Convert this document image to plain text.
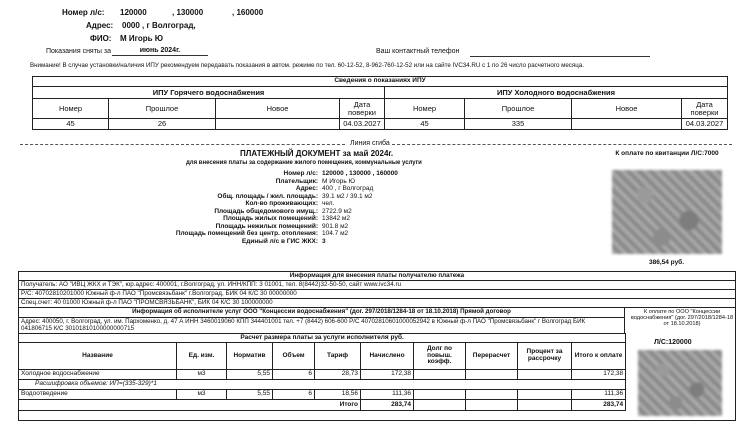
Номер л/с: 120000	, 130000	, 160000
Адрес: 0000 , г Волгоград,
ФИО: М Игорь Ю
Показания сняты за	июнь 2024г.	Ваш контактный телефон
Внимание! В случае установки/наличия ИПУ рекомендуем передавать показания в автом. режиме по тел. 60-12-52, 8-962-760-12-52 или на сайте IVC34.RU с 1 по 26 число расчетного месяца.
Сведения о показаниях ИПУ							
ИПУ Горячего водоснабжения				ИПУ Холодного водоснабжения			
Номер	Прошлое	Новое	Дата поверки	Номер	Прошлое	Новое	Дата поверки
45	26		04.03.2027	45	335		04.03.2027
Линия сгиба
ПЛАТЕЖНЫЙ ДОКУМЕНТ за май 2024г.
для внесения платы за содержание жилого помещения, коммунальные услуги
Номер л/с: 120000 , 130000 , 160000
Плательщик: М Игорь Ю
Адрес: 400 , г Волгоград
Общ. площадь / жил. площадь: 39.1 м2 / 39.1 м2
Кол-во проживающих: чел.
Площадь общедомового имущ.: 2722.9 м2
Площадь жилых помещений: 13842 м2
Площадь нежилых помещений: 901.8 м2
Площадь помещений без центр. отопления: 104.7 м2
Единый л/с в ГИС ЖКХ: 3
К оплате по квитанции Л/С:7000
386,54 руб.
Информация для внесения платы получателю платежа
Получатель: АО "ИВЦ ЖКХ и ТЭК", юр.адрес: 400001, г.Волгоград, ул. ИНН/КПП: 3 01001, тел. 8(8442)32-50-50, сайт www.ivc34.ru
Р/С: 40702810201000 Южный ф-л ПАО "Промсвязьбанк" г.Волгоград, БИК 04 К/С 30 00000000
Спец.счет: 40 01000 Южный ф-л ПАО "ПРОМСВЯЗЬБАНК", БИК 04 К/С 30 100000000
Информация об исполнителе услуг ООО "Концессии водоснабжения" (дог. 297/2018/1284-18 от 18.10.2018) Прямой договор
Адрес: 400050, г. Волгоград, ул. им. Пархоменко, д. 47 А ИНН 3460019060 КПП 344401001 тел. +7 (8442) 606-600 Р/С 40702810601000052942 в Южный ф-л ПАО "Промсвязьбанк" г Волгоград БИК
041806715 К/С 30101810100000000715
Расчет размера платы за услуги исполнителя руб.									
Название	Ед. изм.	Норматив	Объем	Тариф	Начислено	Долг по повыш. коэфф.	Перерасчет	Процент за рассрочку	Итого к оплате
Холодное водоснабжение	м3	5,55	6	28,73	172,38				172,38
Расшифровка объемов: ИП=(335-329)*1									
Водоотведение	м3	5,55	6	18,56	111,36				111,36
Итого					283,74				283,74
К оплате по ООО "Концессии водоснабжения" (дог. 297/2018/1284-18 от 18.10.2018)
Л/С:120000
